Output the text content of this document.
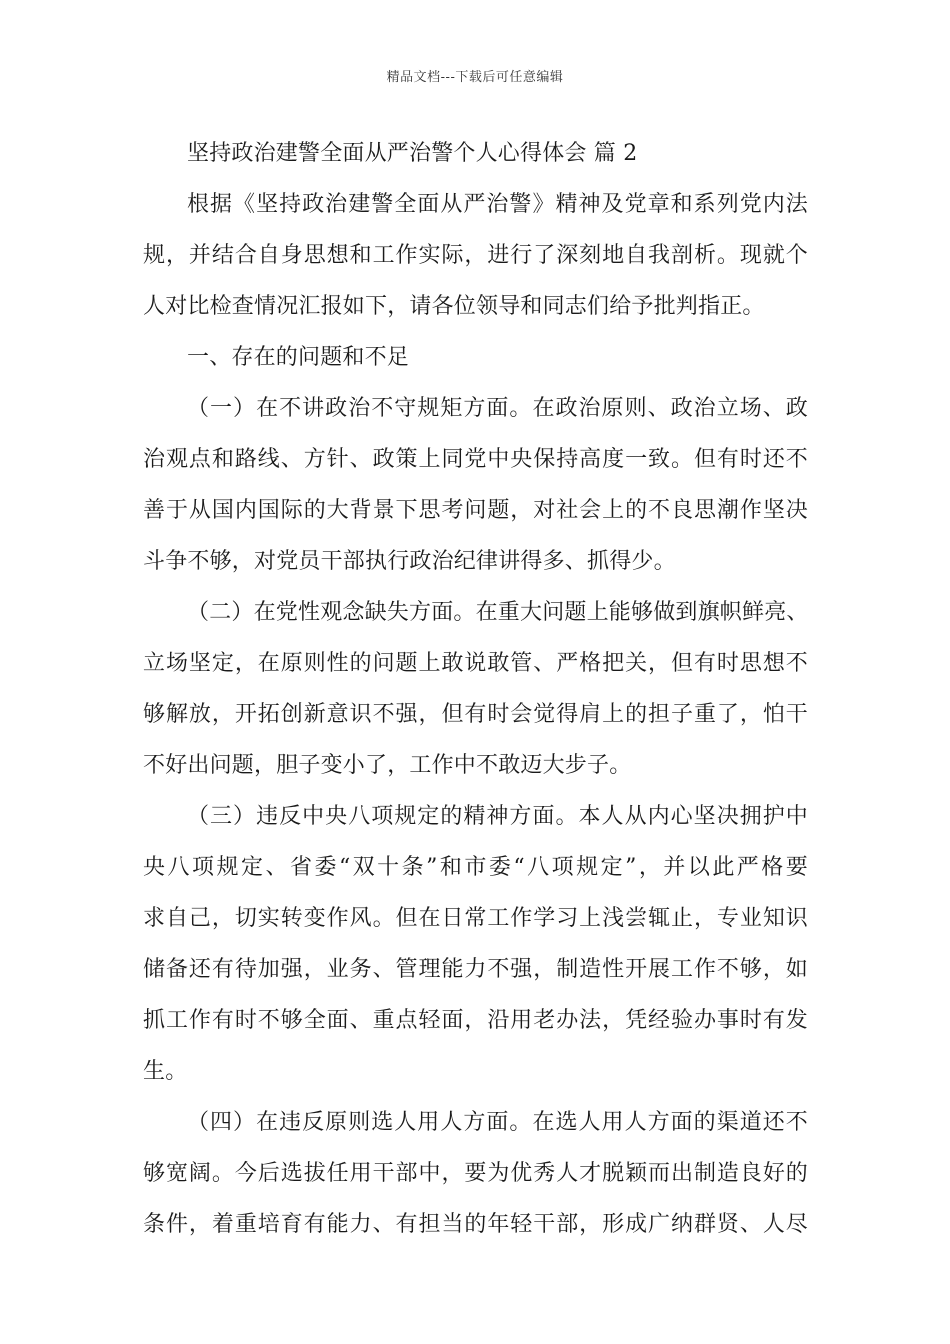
精品文档---下载后可任意编辑
坚持政治建警全面从严治警个人心得体会 篇 2
根据《坚持政治建警全面从严治警》精神及党章和系列党内法
规，并结合自身思想和工作实际，进行了深刻地自我剖析。现就个
人对比检查情况汇报如下，请各位领导和同志们给予批判指正。
一、存在的问题和不足
（一）在不讲政治不守规矩方面。在政治原则、政治立场、政
治观点和路线、方针、政策上同党中央保持高度一致。但有时还不
善于从国内国际的大背景下思考问题，对社会上的不良思潮作坚决
斗争不够，对党员干部执行政治纪律讲得多、抓得少。
（二）在党性观念缺失方面。在重大问题上能够做到旗帜鲜亮、
立场坚定，在原则性的问题上敢说敢管、严格把关，但有时思想不
够解放，开拓创新意识不强，但有时会觉得肩上的担子重了，怕干
不好出问题，胆子变小了，工作中不敢迈大步子。
（三）违反中央八项规定的精神方面。本人从内心坚决拥护中
央八项规定、省委“双十条”和市委“八项规定”，并以此严格要
求自己，切实转变作风。但在日常工作学习上浅尝辄止，专业知识
储备还有待加强，业务、管理能力不强，制造性开展工作不够，如
抓工作有时不够全面、重点轻面，沿用老办法，凭经验办事时有发
生。
（四）在违反原则选人用人方面。在选人用人方面的渠道还不
够宽阔。今后选拔任用干部中，要为优秀人才脱颖而出制造良好的
条件，着重培育有能力、有担当的年轻干部，形成广纳群贤、人尽
